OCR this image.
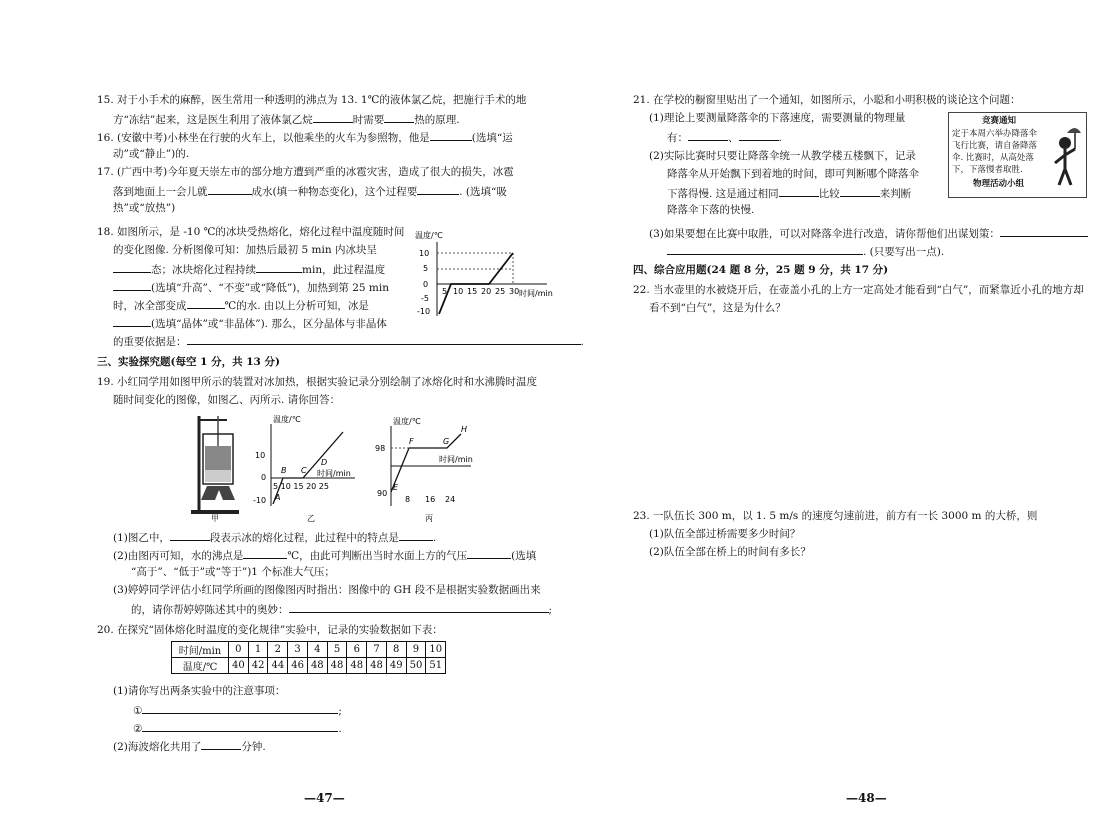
15. 对于小手术的麻醉，医生常用一种透明的沸点为 13. 1℃的液体氯乙烷，把施行手术的地
方“冻结”起来，这是医生利用了液体氯乙烷	时需要	热的原理.
16. (安徽中考)小林坐在行驶的火车上，以他乘坐的火车为参照物，他是	(选填“运
动”或“静止”)的.
17. (广西中考)今年夏天崇左市的部分地方遭到严重的冰雹灾害，造成了很大的损失，冰雹
落到地面上一会儿就	成水(填一种物态变化)，这个过程要	. (选填“吸
热”或“放热”)
18. 如图所示，是 -10 ℃的冰块受热熔化，熔化过程中温度随时间
的变化图像. 分析图像可知：加热后最初 5 min 内冰块呈
态；冰块熔化过程持续	min，此过程温度
(选填“升高”、“不变”或“降低”)，加热到第 25 min
时，冰全部变成	℃的水. 由以上分析可知，冰是
(选填“晶体”或“非晶体”). 那么，区分晶体与非晶体
的重要依据是：	.
温度/℃
10
5
0
-5
-10
5 10 15 20 25 30 时间/min
三、实验探究题(每空 1 分，共 13 分)
19. 小红同学用如图甲所示的装置对冰加热，根据实验记录分别绘制了冰熔化时和水沸腾时温度
随时间变化的图像，如图乙、丙所示. 请你回答：
甲
温度/℃
10
0
-10
5 10 15 20 25
时间/min
A
B C
D
乙
温度/℃
时间/min
98
90
8 16 24
E
F	G
H
丙
(1)图乙中，	段表示冰的熔化过程，此过程中的特点是	.
(2)由图丙可知，水的沸点是	℃，由此可判断出当时水面上方的气压	(选填
“高于”、“低于”或“等于”)1 个标准大气压；
(3)婷婷同学评估小红同学所画的图像图丙时指出：图像中的 GH 段不是根据实验数据画出来
的，请你帮婷婷陈述其中的奥妙：	;
20. 在探究“固体熔化时温度的变化规律”实验中，记录的实验数据如下表：
时间/min	0	1	2	3	4	5	6	7	8	9	10
温度/℃	40	42	44	46	48	48	48	48	49	50	51
(1)请你写出两条实验中的注意事项：
①	;
②	.
(2)海波熔化共用了	分钟.
—47—
21. 在学校的橱窗里贴出了一个通知，如图所示，小聪和小明积极的谈论这个问题：
(1)理论上要测量降落伞的下落速度，需要测量的物理量
有：	、	.
(2)实际比赛时只要让降落伞统一从教学楼五楼飘下，记录
降落伞从开始飘下到着地的时间，即可判断哪个降落伞
下落得慢. 这是通过相同	比较	来判断
降落伞下落的快慢.
(3)如果要想在比赛中取胜，可以对降落伞进行改造，请你帮他们出谋划策：
. (只要写出一点).
四、综合应用题(24 题 8 分，25 题 9 分，共 17 分)
22. 当水壶里的水被烧开后，在壶盖小孔的上方一定高处才能看到“白气”，而紧靠近小孔的地方却
看不到“白气”，这是为什么？
23. 一队伍长 300 m，以 1. 5 m/s 的速度匀速前进，前方有一长 3000 m 的大桥，则
(1)队伍全部过桥需要多少时间？
(2)队伍全部在桥上的时间有多长？
竞赛通知
定于本周六举办降落伞
飞行比赛，请自备降落
伞. 比赛时，从高处落
下，下落慢者取胜.
物理活动小组
—48—
